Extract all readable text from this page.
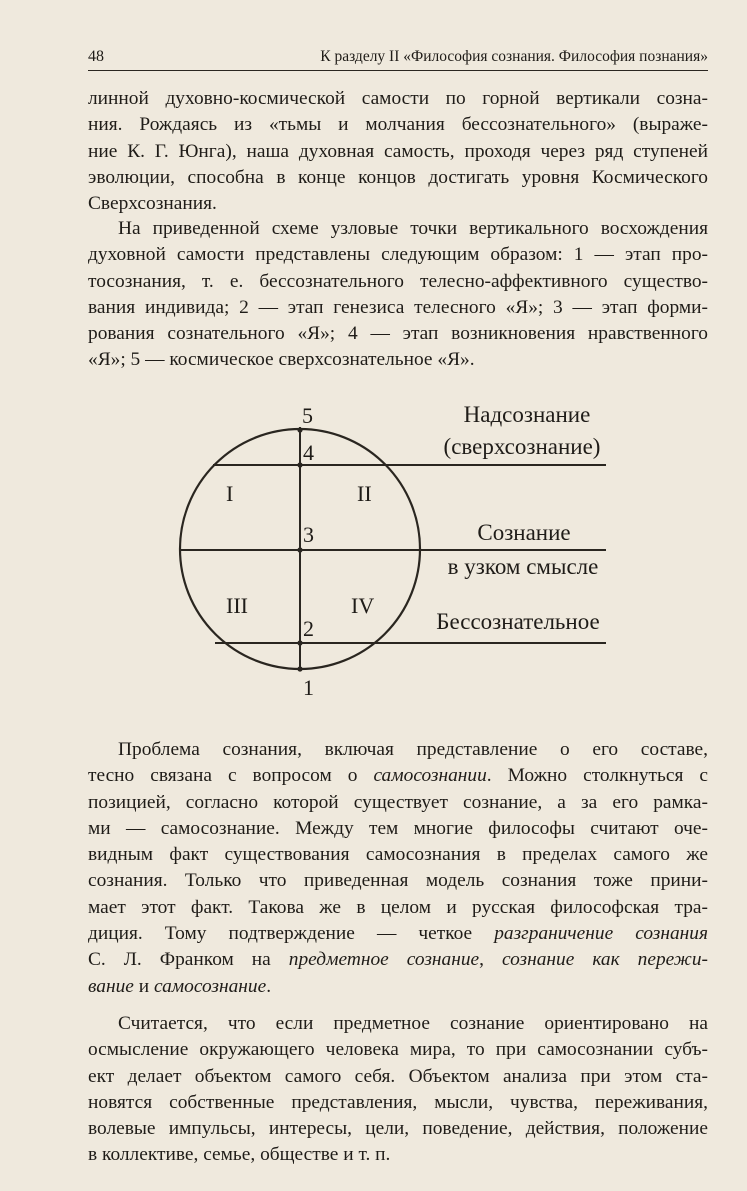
48	К разделу II «Философия сознания. Философия познания»
линной духовно-космической самости по горной вертикали созна-
ния. Рождаясь из «тьмы и молчания бессознательного» (выраже-
ние К. Г. Юнга), наша духовная самость, проходя через ряд ступеней
эволюции, способна в конце концов достигать уровня Космического
Сверхсознания.
На приведенной схеме узловые точки вертикального восхождения
духовной самости представлены следующим образом: 1 — этап про-
тосознания, т. е. бессознательного телесно-аффективного существо-
вания индивида; 2 — этап генезиса телесного «Я»; 3 — этап форми-
рования сознательного «Я»; 4 — этап возникновения нравственного
«Я»; 5 — космическое сверхсознательное «Я».
5
4
3
2
1
I	II
III	IV
Надсознание
(сверхсознание)
Сознание
в узком смысле
Бессознательное
Проблема сознания, включая представление о его составе,
тесно связана с вопросом о самосознании. Можно столкнуться с
позицией, согласно которой существует сознание, а за его рамка-
ми — самосознание. Между тем многие философы считают оче-
видным факт существования самосознания в пределах самого же
сознания. Только что приведенная модель сознания тоже прини-
мает этот факт. Такова же в целом и русская философская тра-
диция. Тому подтверждение — четкое разграничение сознания
С. Л. Франком на предметное сознание, сознание как пережи-
вание и самосознание.
Считается, что если предметное сознание ориентировано на
осмысление окружающего человека мира, то при самосознании субъ-
ект делает объектом самого себя. Объектом анализа при этом ста-
новятся собственные представления, мысли, чувства, переживания,
волевые импульсы, интересы, цели, поведение, действия, положение
в коллективе, семье, обществе и т. п.
